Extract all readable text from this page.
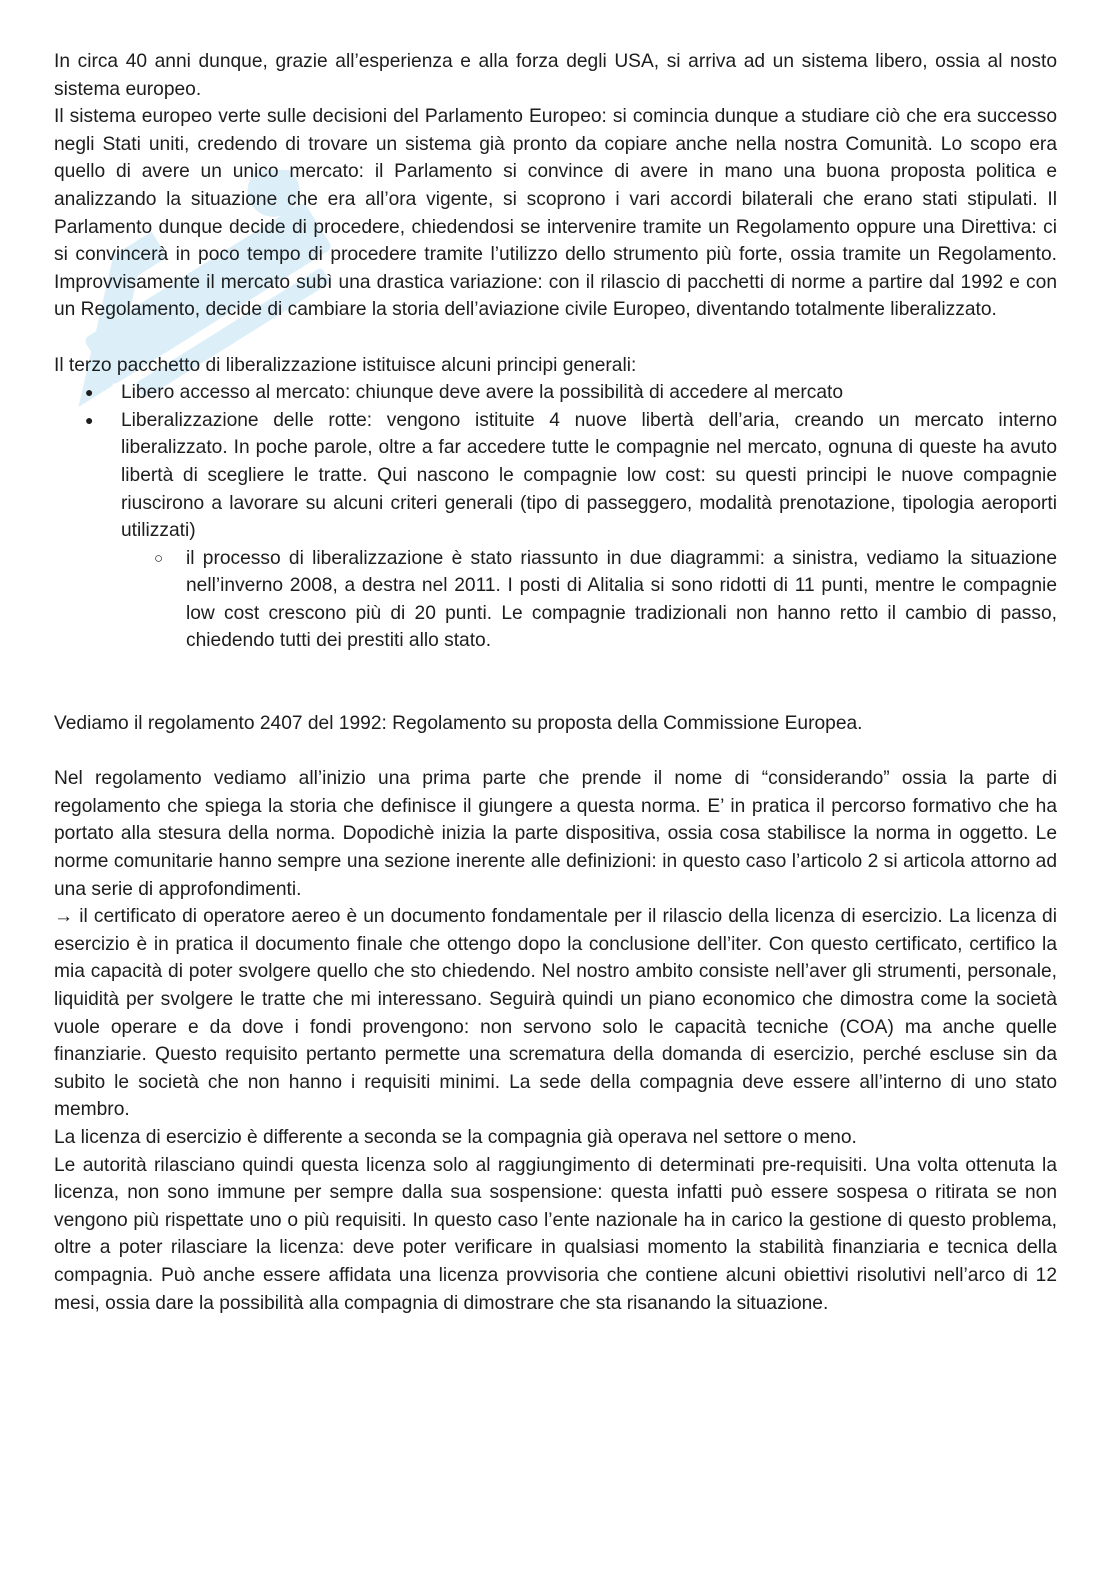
In circa 40 anni dunque, grazie all’esperienza e alla forza degli USA, si arriva ad un sistema libero, ossia al nosto sistema europeo.

Il sistema europeo verte sulle decisioni del Parlamento Europeo: si comincia dunque a studiare ciò che era successo negli Stati uniti, credendo di trovare un sistema già pronto da copiare anche nella nostra Comunità. Lo scopo era quello di avere un unico mercato: il Parlamento si convince di avere in mano una buona proposta politica e analizzando la situazione che era all’ora vigente, si scoprono i vari accordi bilaterali che erano stati stipulati. Il Parlamento dunque decide di procedere, chiedendosi se intervenire tramite un Regolamento oppure una Direttiva: ci si convincerà in poco tempo di procedere tramite l’utilizzo dello strumento più forte, ossia tramite un Regolamento. Improvvisamente il mercato subì una drastica variazione: con il rilascio di pacchetti di norme a partire dal 1992 e con un Regolamento, decide di cambiare la storia dell’aviazione civile Europeo, diventando totalmente liberalizzato.

Il terzo pacchetto di liberalizzazione istituisce alcuni principi generali:

● Libero accesso al mercato: chiunque deve avere la possibilità di accedere al mercato
● Liberalizzazione delle rotte: vengono istituite 4 nuove libertà dell’aria, creando un mercato interno liberalizzato. In poche parole, oltre a far accedere tutte le compagnie nel mercato, ognuna di queste ha avuto libertà di scegliere le tratte. Qui nascono le compagnie low cost: su questi principi le nuove compagnie riuscirono a lavorare su alcuni criteri generali (tipo di passeggero, modalità prenotazione, tipologia aeroporti utilizzati)
○ il processo di liberalizzazione è stato riassunto in due diagrammi: a sinistra, vediamo la situazione nell’inverno 2008, a destra nel 2011. I posti di Alitalia si sono ridotti di 11 punti, mentre le compagnie low cost crescono più di 20 punti. Le compagnie tradizionali non hanno retto il cambio di passo, chiedendo tutti dei prestiti allo stato.

Vediamo il regolamento 2407 del 1992: Regolamento su proposta della Commissione Europea.

Nel regolamento vediamo all’inizio una prima parte che prende il nome di “considerando” ossia la parte di regolamento che spiega la storia che definisce il giungere a questa norma. E’ in pratica il percorso formativo che ha portato alla stesura della norma. Dopodichè inizia la parte dispositiva, ossia cosa stabilisce la norma in oggetto. Le norme comunitarie hanno sempre una sezione inerente alle definizioni: in questo caso l’articolo 2 si articola attorno ad una serie di approfondimenti.

→ il certificato di operatore aereo è un documento fondamentale per il rilascio della licenza di esercizio. La licenza di esercizio è in pratica il documento finale che ottengo dopo la conclusione dell’iter. Con questo certificato, certifico la mia capacità di poter svolgere quello che sto chiedendo. Nel nostro ambito consiste nell’aver gli strumenti, personale, liquidità per svolgere le tratte che mi interessano. Seguirà quindi un piano economico che dimostra come la società vuole operare e da dove i fondi provengono: non servono solo le capacità tecniche (COA) ma anche quelle finanziarie. Questo requisito pertanto permette una scrematura della domanda di esercizio, perché escluse sin da subito le società che non hanno i requisiti minimi. La sede della compagnia deve essere all’interno di uno stato membro.

La licenza di esercizio è differente a seconda se la compagnia già operava nel settore o meno.

Le autorità rilasciano quindi questa licenza solo al raggiungimento di determinati pre-requisiti. Una volta ottenuta la licenza, non sono immune per sempre dalla sua sospensione: questa infatti può essere sospesa o ritirata se non vengono più rispettate uno o più requisiti. In questo caso l’ente nazionale ha in carico la gestione di questo problema, oltre a poter rilasciare la licenza: deve poter verificare in qualsiasi momento la stabilità finanziaria e tecnica della compagnia. Può anche essere affidata una licenza provvisoria che contiene alcuni obiettivi risolutivi nell’arco di 12 mesi, ossia dare la possibilità alla compagnia di dimostrare che sta risanando la situazione.
